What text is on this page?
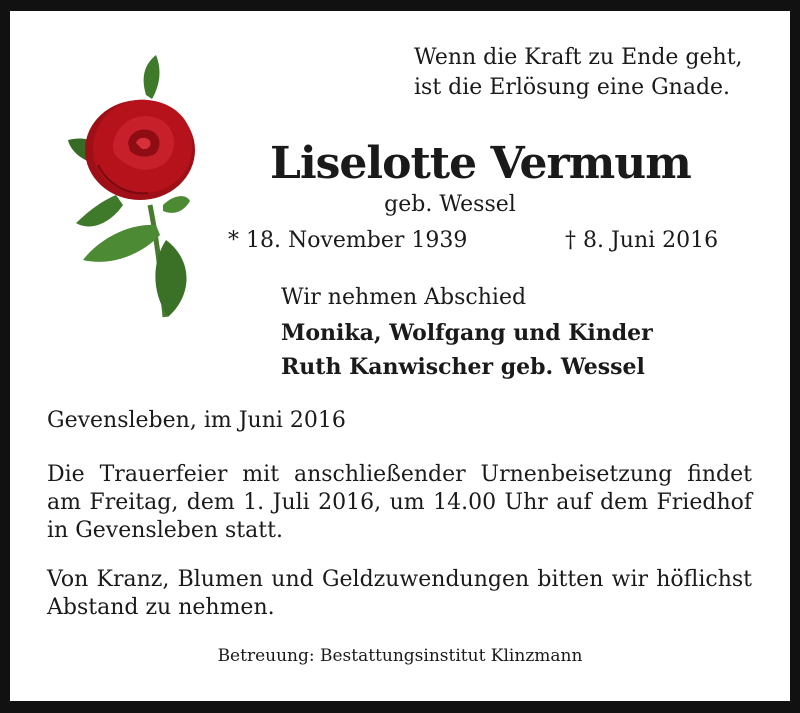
Wenn die Kraft zu Ende geht,
ist die Erlösung eine Gnade.
Liselotte Vermum
geb. Wessel
* 18. November 1939	† 8. Juni 2016
Wir nehmen Abschied
Monika, Wolfgang und Kinder
Ruth Kanwischer geb. Wessel
Gevensleben, im Juni 2016
Die Trauerfeier mit anschließender Urnenbeisetzung findet am Freitag, dem 1. Juli 2016, um 14.00 Uhr auf dem Friedhof in Gevensleben statt.
Von Kranz, Blumen und Geldzuwendungen bitten wir höflichst Abstand zu nehmen.
Betreuung: Bestattungsinstitut Klinzmann
